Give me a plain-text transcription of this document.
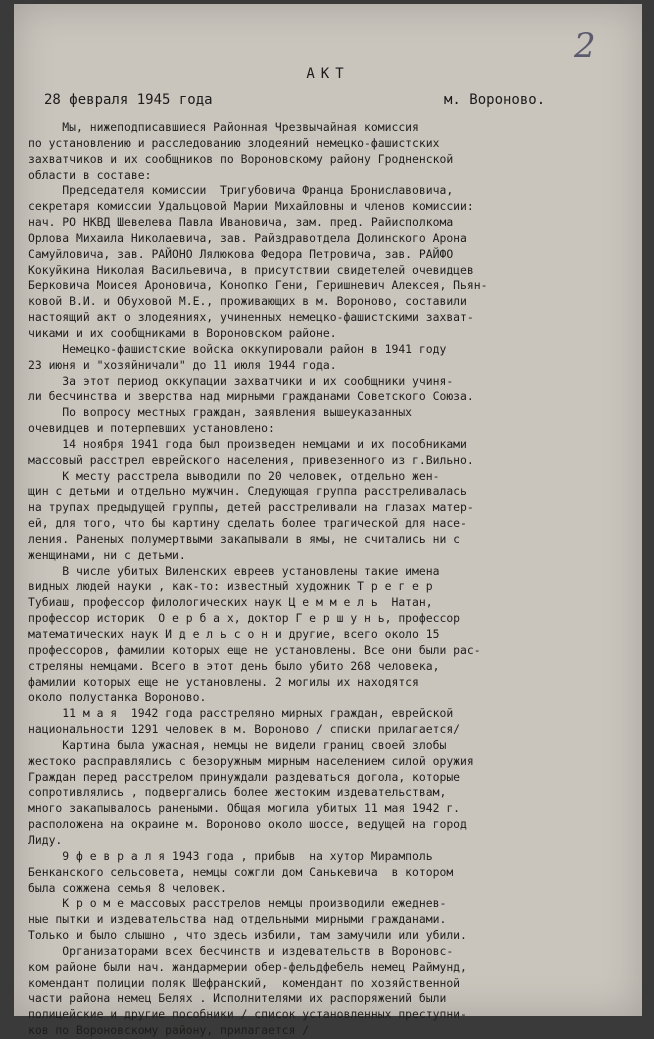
2
АКТ
28 февраля 1945 года	м. Вороново.
Мы, нижеподписавшиеся Районная Чрезвычайная комиссия
по установлению и расследованию злодеяний немецко-фашистских
захватчиков и их сообщников по Вороновскому району Гродненской
области в составе:
Председателя комиссии  Тригубовича Франца Брониславовича,
секретаря комиссии Удальцовой Марии Михайловны и членов комиссии:
нач. РО НКВД Шевелева Павла Ивановича, зам. пред. Райисполкома
Орлова Михаила Николаевича, зав. Райздравотдела Долинского Арона
Самуйловича, зав. РАЙОНО Лялюкова Федора Петровича, зав. РАЙФО
Кокуйкина Николая Васильевича, в присутствии свидетелей очевидцев
Берковича Моисея Ароновича, Конопко Гени, Геришневич Алексея, Пьян-
ковой В.И. и Обуховой М.Е., проживающих в м. Вороново, составили
настоящий акт о злодеяниях, учиненных немецко-фашистскими захват-
чиками и их сообщниками в Вороновском районе.
Немецко-фашистские войска оккупировали район в 1941 году
23 июня и "хозяйничали" до 11 июля 1944 года.
За этот период оккупации захватчики и их сообщники учиня-
ли бесчинства и зверства над мирными гражданами Советского Союза.
По вопросу местных граждан, заявления вышеуказанных
очевидцев и потерпевших установлено:
14 ноября 1941 года был произведен немцами и их пособниками
массовый расстрел еврейского населения, привезенного из г.Вильно.
К месту расстрела выводили по 20 человек, отдельно жен-
щин с детьми и отдельно мужчин. Следующая группа расстреливалась
на трупах предыдущей группы, детей расстреливали на глазах матер-
ей, для того, что бы картину сделать более трагической для насе-
ления. Раненых полумертвыми закапывали в ямы, не считались ни с
женщинами, ни с детьми.
В числе убитых Виленских евреев установлены такие имена
видных людей науки , как-то: известный художник Т р е г е р
Тубиаш, профессор филологических наук Ц е м м е л ь  Натан,
профессор историк  О е р б а х, доктор Г е р ш у н ь, профессор
математических наук И д е л ь с о н и другие, всего около 15
профессоров, фамилии которых еще не установлены. Все они были рас-
стреляны немцами. Всего в этот день было убито 268 человека,
фамилии которых еще не установлены. 2 могилы их находятся
около полустанка Вороново.
11 м а я  1942 года расстреляно мирных граждан, еврейской
национальности 1291 человек в м. Вороново / списки прилагается/
Картина была ужасная, немцы не видели границ своей злобы
жестоко расправлялись с безоружным мирным населением силой оружия
Граждан перед расстрелом принуждали раздеваться догола, которые
сопротивлялись , подвергались более жестоким издевательствам,
много закапывалось ранеными. Общая могила убитых 11 мая 1942 г.
расположена на окраине м. Вороново около шоссе, ведущей на город
Лиду.
9 ф е в р а л я 1943 года , прибыв  на хутор Мирамполь
Бенканского сельсовета, немцы сожгли дом Санькевича  в котором
была сожжена семья 8 человек.
К р о м е массовых расстрелов немцы производили ежеднев-
ные пытки и издевательства над отдельными мирными гражданами.
Только и было слышно , что здесь избили, там замучили или убили.
Организаторами всех бесчинств и издевательств в Вороновс-
ком районе были нач. жандармерии обер-фельдфебель немец Раймунд,
комендант полиции поляк Шефранский,  комендант по хозяйственной
части района немец Белях . Исполнителями их распоряжений были
полицейские и другие пособники / список установленных преступни-
ков по Вороновскому району, прилагается /
